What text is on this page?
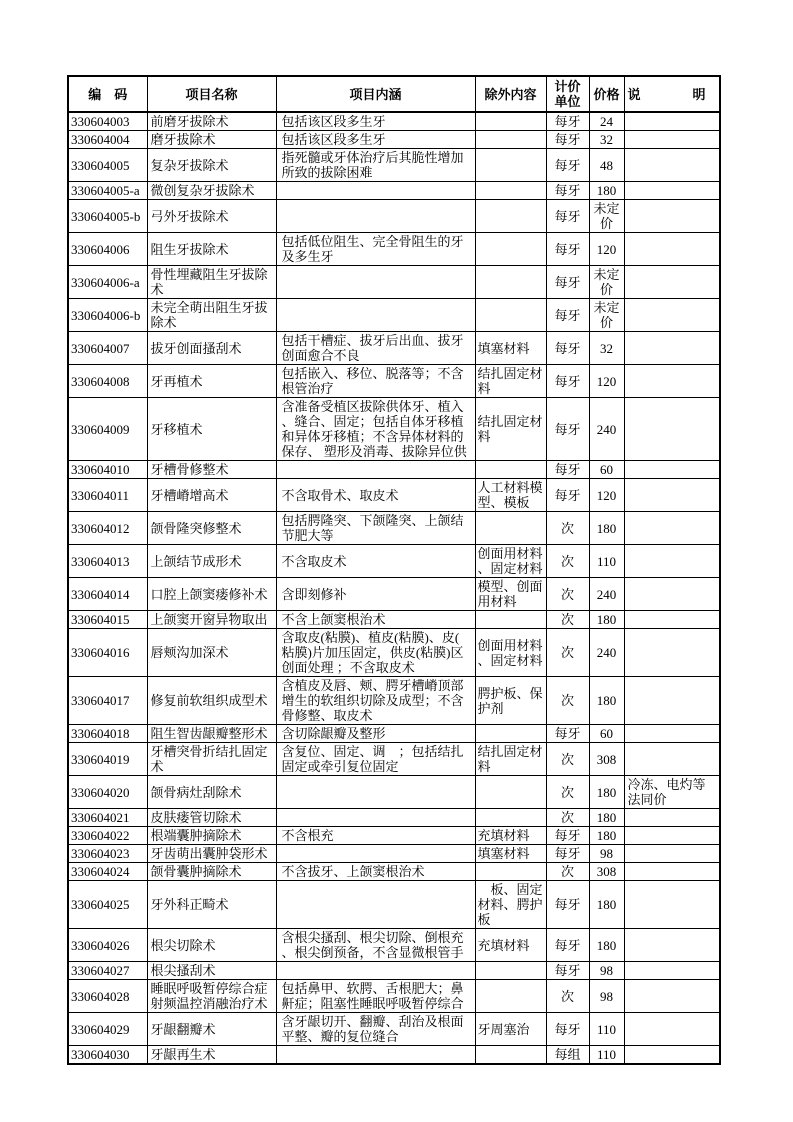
编　码	项目名称	项目内涵	除外内容	计价单位	价格	说　　　　明
330604003	前磨牙拔除术	包括该区段多生牙		每牙	24	
330604004	磨牙拔除术	包括该区段多生牙		每牙	32	
330604005	复杂牙拔除术	指死髓或牙体治疗后其脆性增加所致的拔除困难		每牙	48	
330604005-a	微创复杂牙拔除术			每牙	180	
330604005-b	弓外牙拔除术			每牙	未定价	
330604006	阻生牙拔除术	包括低位阻生、完全骨阻生的牙及多生牙		每牙	120	
330604006-a	骨性埋藏阻生牙拔除术			每牙	未定价	
330604006-b	未完全萌出阻生牙拔除术			每牙	未定价	
330604007	拔牙创面搔刮术	包括干槽症、拔牙后出血、拔牙创面愈合不良	填塞材料	每牙	32	
330604008	牙再植术	包括嵌入、移位、脱落等；不含根管治疗	结扎固定材料	每牙	120	
330604009	牙移植术	含准备受植区拔除供体牙、植入、缝合、固定；包括自体牙移植和异体牙移植；不含异体材料的保存、 塑形及消毒、拔除异位供	结扎固定材料	每牙	240	
330604010	牙槽骨修整术			每牙	60	
330604011	牙槽嵴增高术	不含取骨术、取皮术	人工材料模型、模板	每牙	120	
330604012	颌骨隆突修整术	包括腭隆突、下颌隆突、上颌结节肥大等		次	180	
330604013	上颌结节成形术	不含取皮术	创面用材料、固定材料	次	110	
330604014	口腔上颌窦瘘修补术	含即刻修补	模型、创面用材料	次	240	
330604015	上颌窦开窗异物取出	不含上颌窦根治术		次	180	
330604016	唇颊沟加深术	含取皮(粘膜)、植皮(粘膜)、皮(粘膜)片加压固定，供皮(粘膜)区创面处理 ；不含取皮术	创面用材料、固定材料	次	240	
330604017	修复前软组织成型术	含植皮及唇、颊、腭牙槽嵴顶部增生的软组织切除及成型；不含骨修整、取皮术	腭护板、保护剂	次	180	
330604018	阻生智齿龈瓣整形术	含切除龈瓣及整形		每牙	60	
330604019	牙槽突骨折结扎固定术	含复位、固定、调　；包括结扎固定或牵引复位固定	结扎固定材料	次	308	
330604020	颌骨病灶刮除术			次	180	冷冻、电灼等法同价
330604021	皮肤瘘管切除术			次	180	
330604022	根端囊肿摘除术	不含根充	充填材料	每牙	180	
330604023	牙齿萌出囊肿袋形术		填塞材料	每牙	98	
330604024	颌骨囊肿摘除术	不含拔牙、上颌窦根治术		次	308	
330604025	牙外科正畸术		　板、固定材料、腭护板	每牙	180	
330604026	根尖切除术	含根尖搔刮、根尖切除、倒根充、根尖倒预备，不含显微根管手	充填材料	每牙	180	
330604027	根尖搔刮术			每牙	98	
330604028	睡眠呼吸暂停综合症射频温控消融治疗术	包括鼻甲、软腭、舌根肥大；鼻鼾症；阻塞性睡眠呼吸暂停综合		次	98	
330604029	牙龈翻瓣术	含牙龈切开、翻瓣、刮治及根面平整、瓣的复位缝合	牙周塞治	每牙	110	
330604030	牙龈再生术			每组	110	
